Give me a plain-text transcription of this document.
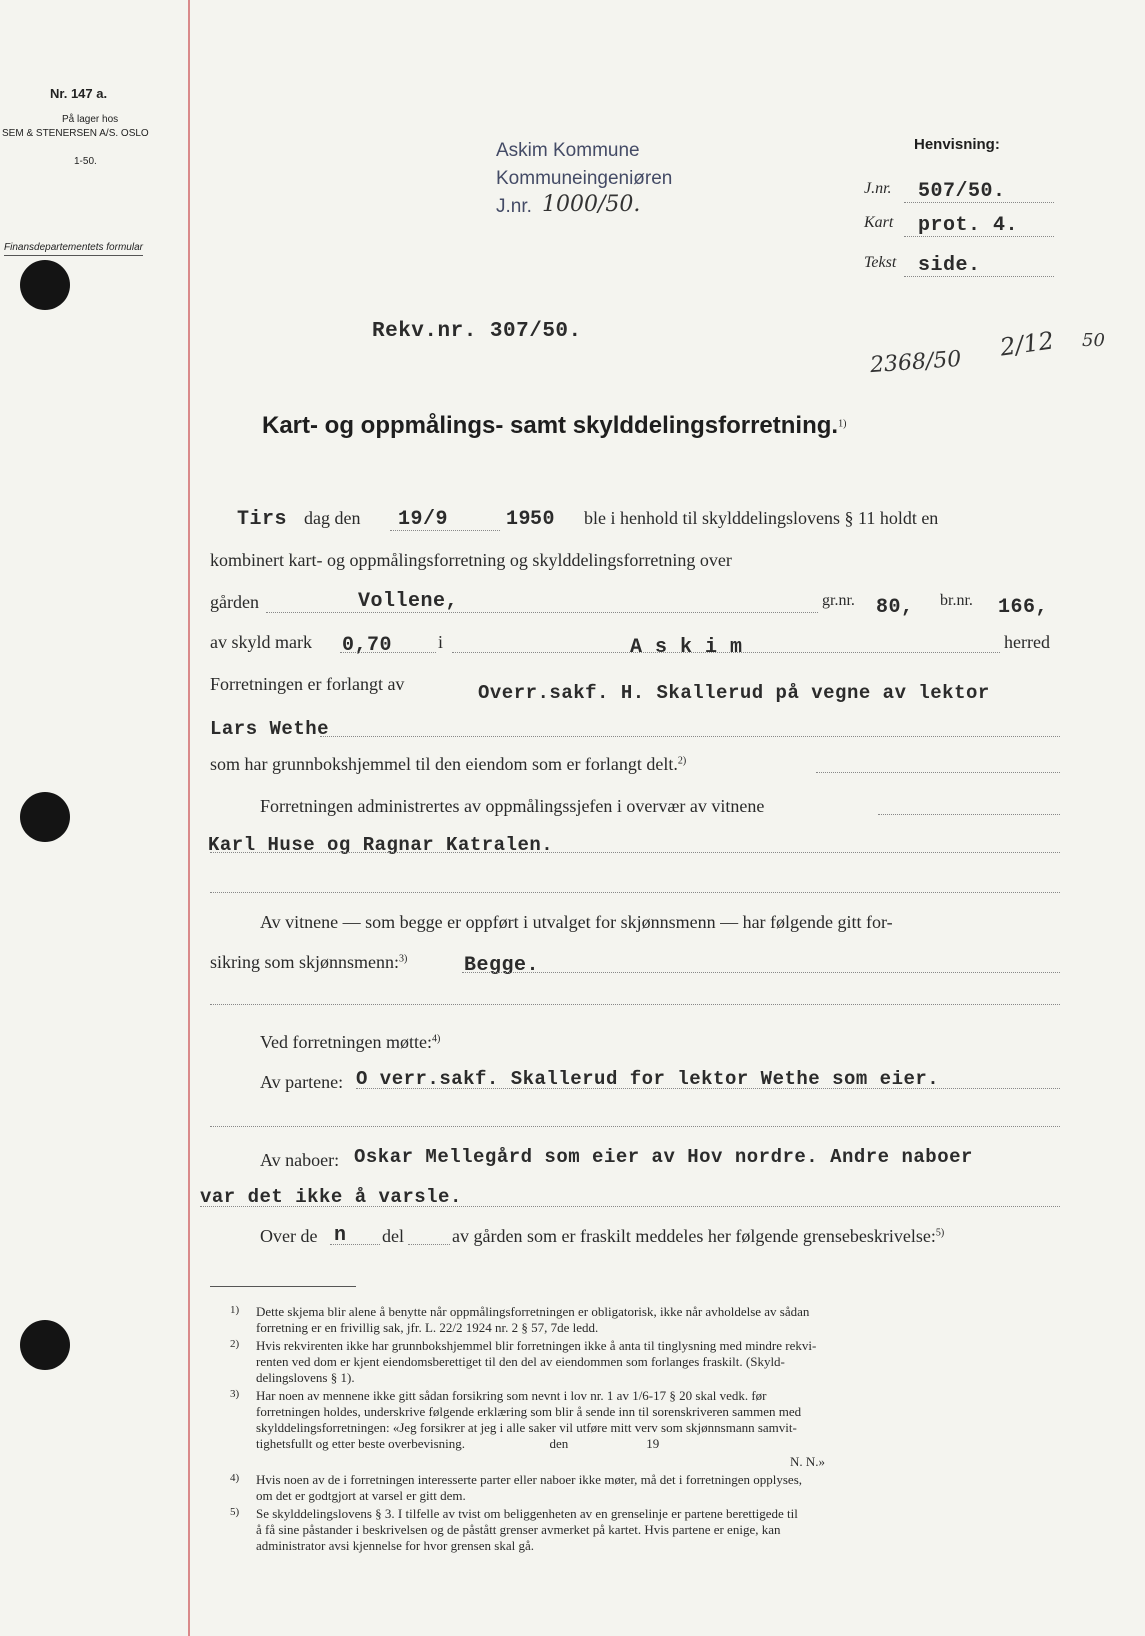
Nr. 147 a.
På lager hos
SEM & STENERSEN A/S. OSLO
1-50.
Finansdepartementets formular
Askim Kommune
Kommuneingeniøren
J.nr. 1000/50.
Henvisning:
J.nr. 507/50.
Kart prot. 4.
Tekst side.
Rekv.nr. 307/50.
2368/50
2/12 50
Kart- og oppmålings- samt skylddelingsforretning.$^{1)}$
Tirs dag den 19/9	19
50 ble i henhold til skylddelingslovens § 11 holdt en
kombinert kart- og oppmålingsforretning og skylddelingsforretning over
gården	Vollene,	gr.nr. 80, br.nr. 166,
av skyld mark 0,70	i	A s k i m	herred
Forretningen er forlangt av	Overr.sakf. H. Skallerud på vegne av lektor
Lars Wethe
som har grunnbokshjemmel til den eiendom som er forlangt delt.$^{2)}$
Forretningen administrertes av oppmålingssjefen i overvær av vitnene
Karl Huse og Ragnar Katralen.
Av vitnene — som begge er oppført i utvalget for skjønnsmenn — har følgende gitt for-
sikring som skjønnsmenn:$^{3)}$	Begge.
Ved forretningen møtte:$^{4)}$
Av partene: O verr.sakf. Skallerud for lektor Wethe som eier.
Av naboer: Oskar Mellegård som eier av Hov nordre. Andre naboer
var det ikke å varsle.
Over de n del	av gården som er fraskilt meddeles her følgende grensebeskrivelse:$^{5)}$
1) Dette skjema blir alene å benytte når oppmålingsforretningen er obligatorisk, ikke når avholdelse av sådan
forretning er en frivillig sak, jfr. L. 22/2 1924 nr. 2 § 57, 7de ledd.
2) Hvis rekvirenten ikke har grunnbokshjemmel blir forretningen ikke å anta til tinglysning med mindre rekvi-
renten ved dom er kjent eiendomsberettiget til den del av eiendommen som forlanges fraskilt. (Skyld-
delingslovens § 1).
3) Har noen av mennene ikke gitt sådan forsikring som nevnt i lov nr. 1 av 1/6-17 § 20 skal vedk. før
forretningen holdes, underskrive følgende erklæring som blir å sende inn til sorenskriveren sammen med
skylddelingsforretningen: «Jeg forsikrer at jeg i alle saker vil utføre mitt verv som skjønnsmann samvit-
tighetsfullt og etter beste overbevisning.                          den                        19
N. N.»
4) Hvis noen av de i forretningen interesserte parter eller naboer ikke møter, må det i forretningen opplyses,
om det er godtgjort at varsel er gitt dem.
5) Se skylddelingslovens § 3. I tilfelle av tvist om beliggenheten av en grenselinje er partene berettigede til
å få sine påstander i beskrivelsen og de påstått grenser avmerket på kartet. Hvis partene er enige, kan
administrator avsi kjennelse for hvor grensen skal gå.
